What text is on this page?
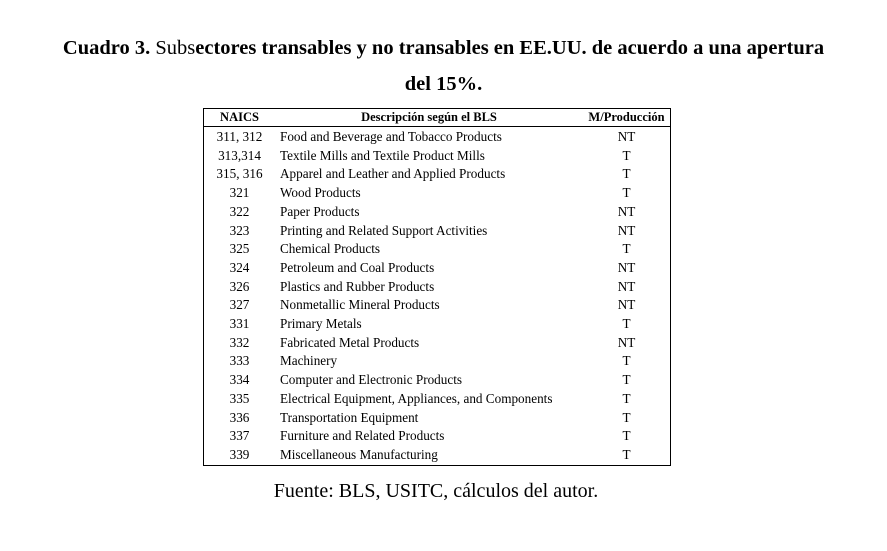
Cuadro 3. Subsectores transables y no transables en EE.UU. de acuerdo a una apertura
del 15%.
NAICS	Descripción según el BLS	M/Producción
311, 312	Food and Beverage and Tobacco Products	NT
313,314	Textile Mills and Textile Product Mills	T
315, 316	Apparel and Leather and Applied Products	T
321	Wood Products	T
322	Paper Products	NT
323	Printing and Related Support Activities	NT
325	Chemical Products	T
324	Petroleum and Coal Products	NT
326	Plastics and Rubber Products	NT
327	Nonmetallic Mineral Products	NT
331	Primary Metals	T
332	Fabricated Metal Products	NT
333	Machinery	T
334	Computer and Electronic Products	T
335	Electrical Equipment, Appliances, and Components	T
336	Transportation Equipment	T
337	Furniture and Related Products	T
339	Miscellaneous Manufacturing	T
Fuente: BLS, USITC, cálculos del autor.
